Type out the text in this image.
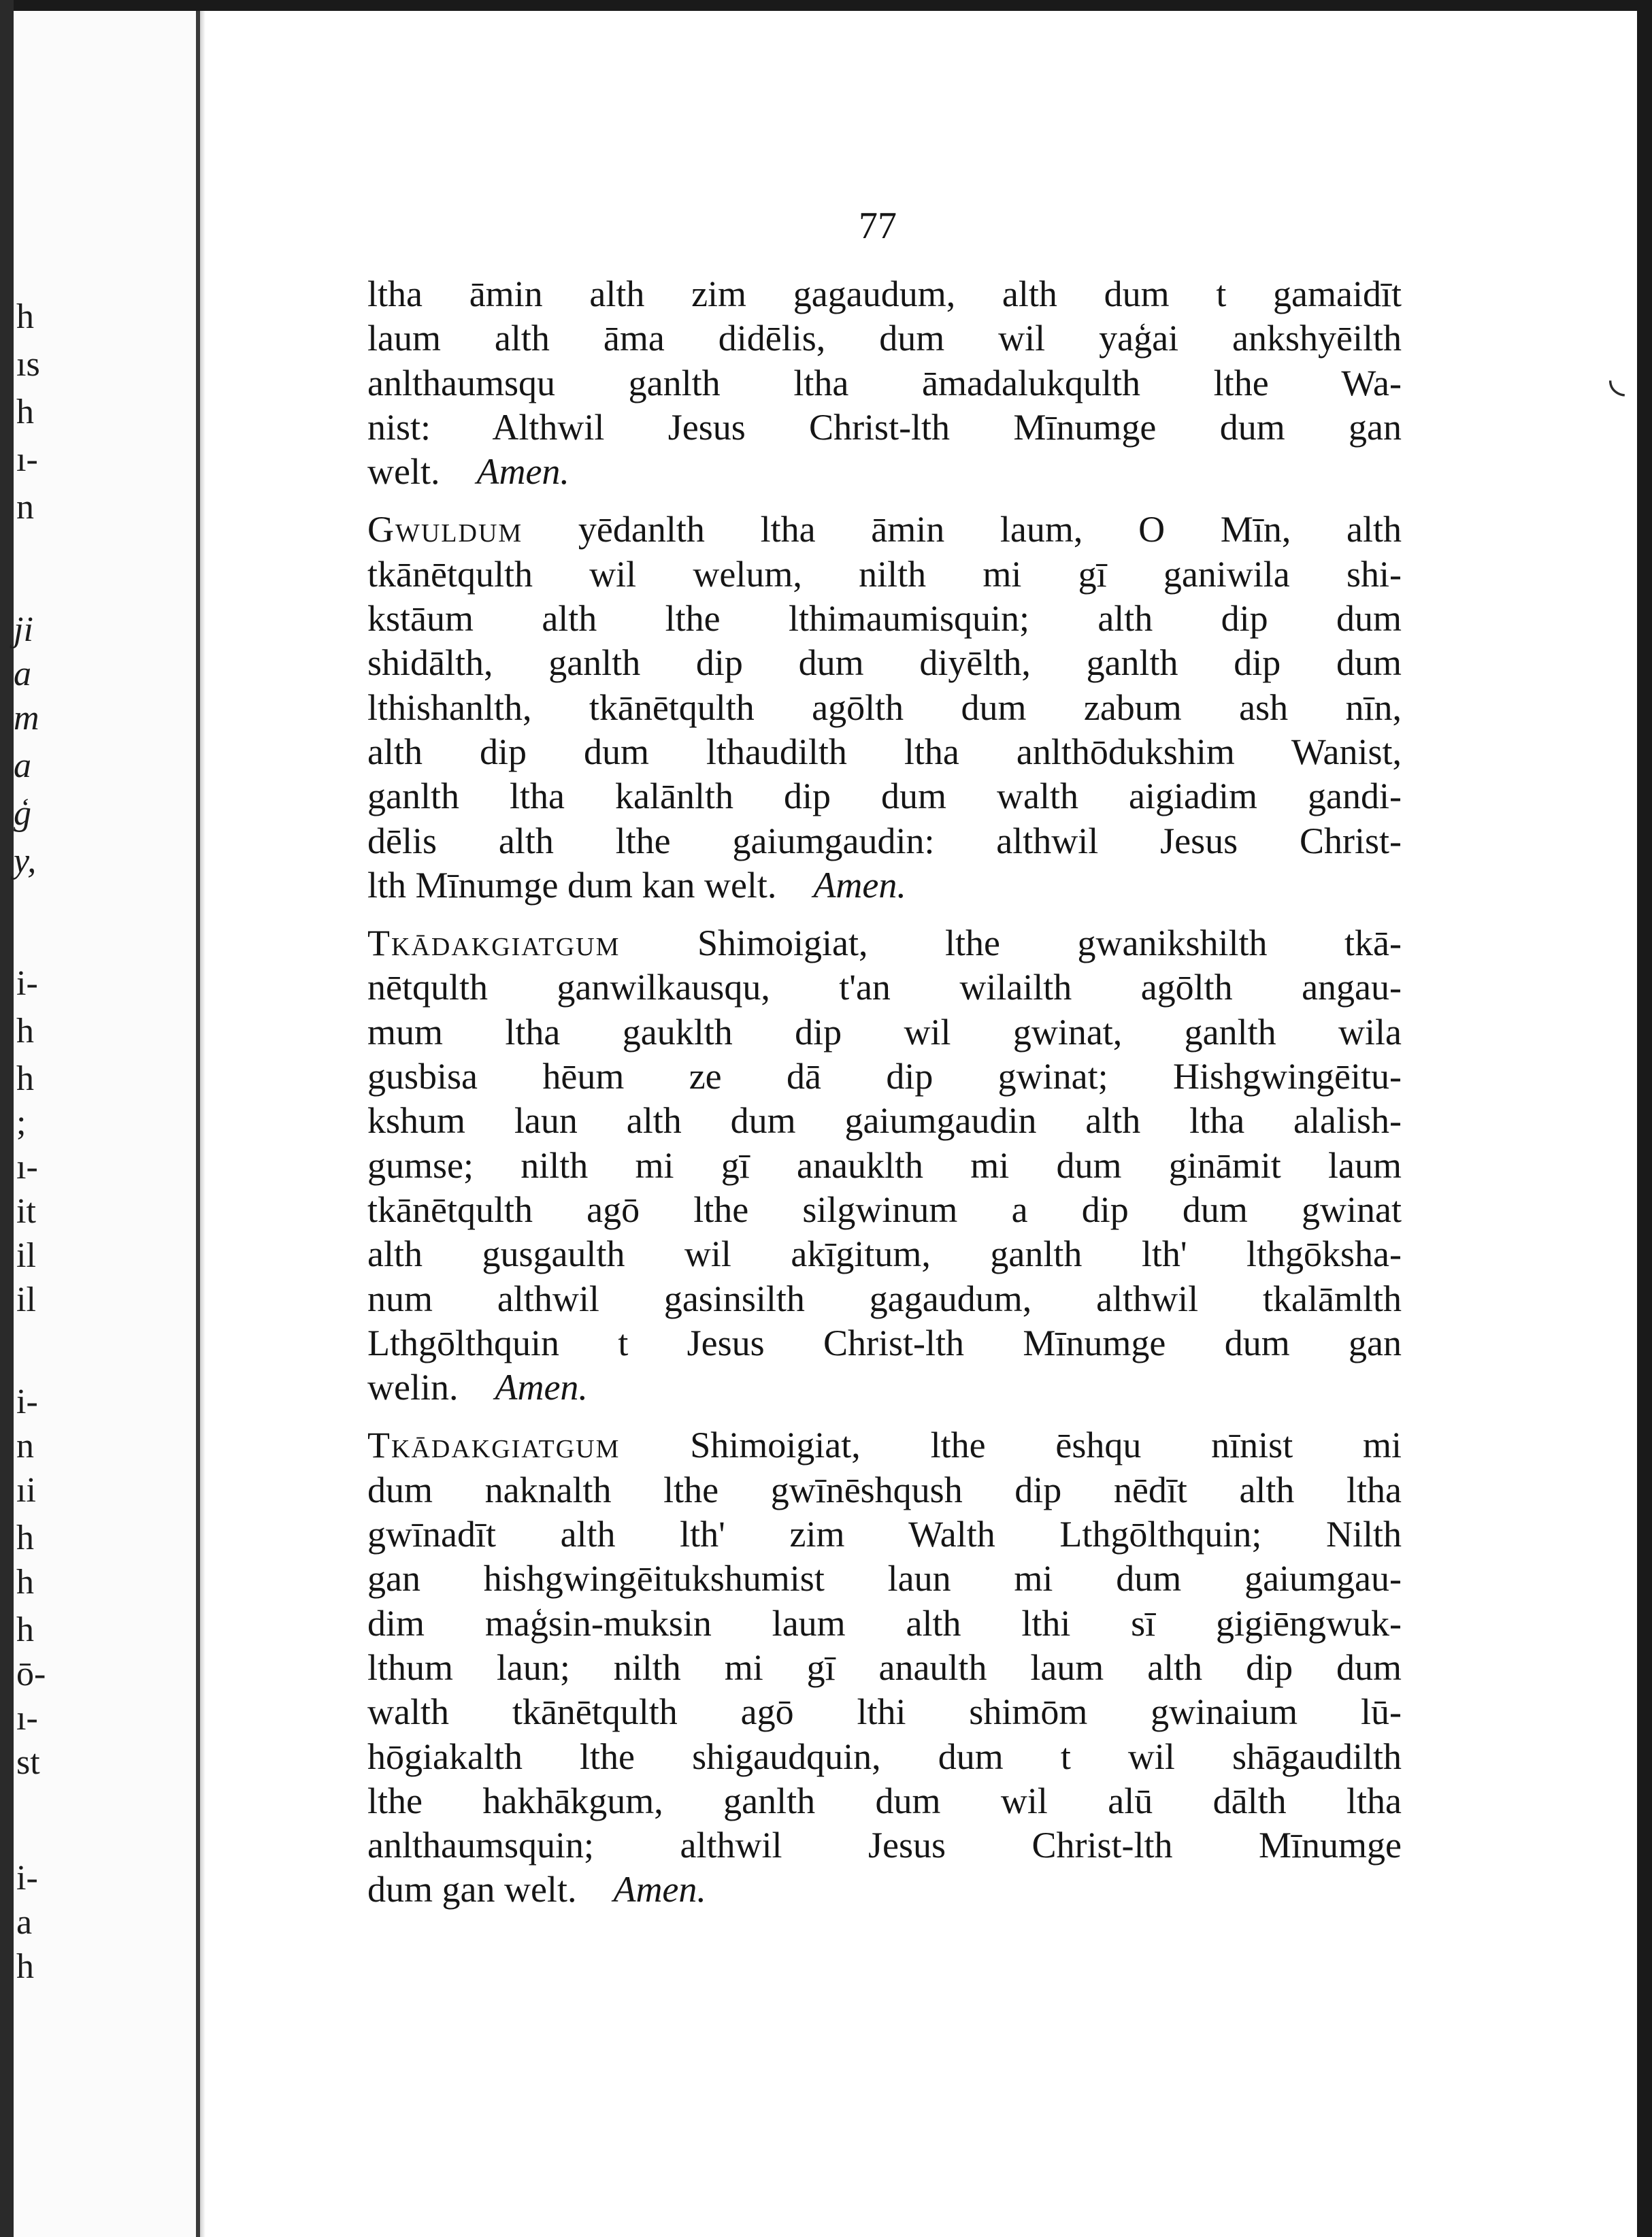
h
ıs
h
ı-
n
ji
a
m
a
ģ
y,
i-
h
h
;
ı-
it
il
il
i-
n
ıi
h
h
h
ō-
ı-
st
i-
a
h
◟
77
ltha āmin alth zim gagaudum, alth dum t gamaidīt
laum alth āma didēlis, dum wil yaģai ankshyēilth
anlthaumsqu ganlth ltha āmadalukqulth lthe Wa-
nist: Althwil Jesus Christ-lth Mīnumge dum gan
welt.  Amen.
Gwuldum yēdanlth ltha āmin laum, O Mīn, alth
tkānētqulth wil welum, nilth mi gī ganiwila shi-
kstāum alth lthe lthimaumisquin; alth dip dum
shidālth, ganlth dip dum diyēlth, ganlth dip dum
lthishanlth, tkānētqulth agōlth dum zabum ash nīn,
alth dip dum lthaudilth ltha anlthōdukshim Wanist,
ganlth ltha kalānlth dip dum walth aigiadim gandi-
dēlis alth lthe gaiumgaudin: althwil Jesus Christ-
lth Mīnumge dum kan welt.  Amen.
Tkādakgiatgum Shimoigiat, lthe gwanikshilth tkā-
nētqulth ganwilkausqu, t'an wilailth agōlth angau-
mum ltha gauklth dip wil gwinat, ganlth wila
gusbisa hēum ze dā dip gwinat; Hishgwingēitu-
kshum laun alth dum gaiumgaudin alth ltha alalish-
gumse; nilth mi gī anauklth mi dum gināmit laum
tkānētqulth agō lthe silgwinum a dip dum gwinat
alth gusgaulth wil akīgitum, ganlth lth' lthgōksha-
num althwil gasinsilth gagaudum, althwil tkalāmlth
Lthgōlthquin t Jesus Christ-lth Mīnumge dum gan
welin.  Amen.
Tkādakgiatgum Shimoigiat, lthe ēshqu nīnist mi
dum naknalth lthe gwīnēshqush dip nēdīt alth ltha
gwīnadīt alth lth' zim Walth Lthgōlthquin; Nilth
gan hishgwingēitukshumist laun mi dum gaiumgau-
dim maģsin-muksin laum alth lthi sī gigiēngwuk-
lthum laun; nilth mi gī anaulth laum alth dip dum
walth tkānētqulth agō lthi shimōm gwinaium lū-
hōgiakalth lthe shigaudquin, dum t wil shāgaudilth
lthe hakhākgum, ganlth dum wil alū dālth ltha
anlthaumsquin; althwil Jesus Christ-lth Mīnumge
dum gan welt.  Amen.
